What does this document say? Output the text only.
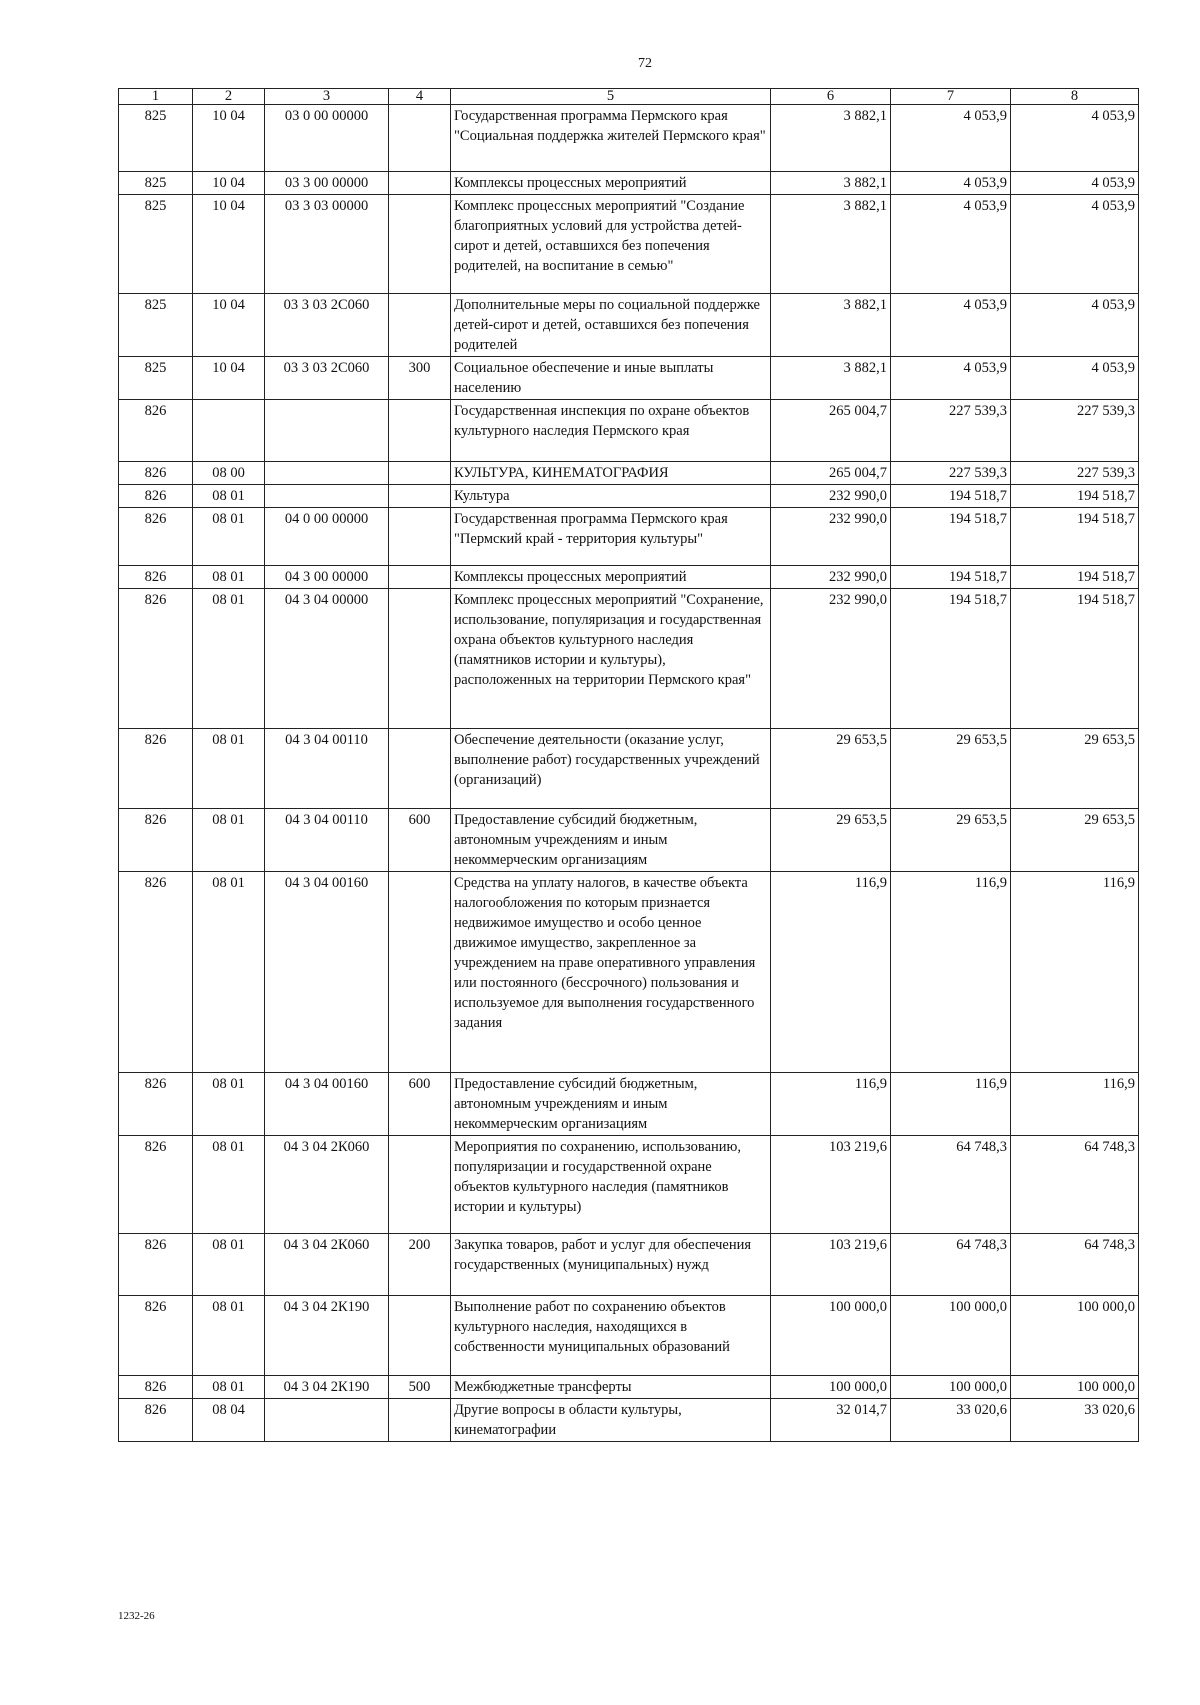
72
1	2	3	4	5	6	7	8
825	10 04	03 0 00 00000		Государственная программа Пермского края "Социальная поддержка жителей Пермского края"	3 882,1	4 053,9	4 053,9
825	10 04	03 3 00 00000		Комплексы процессных мероприятий	3 882,1	4 053,9	4 053,9
825	10 04	03 3 03 00000		Комплекс процессных мероприятий "Создание благоприятных условий для устройства детей-сирот и детей, оставшихся без попечения родителей, на воспитание в семью"	3 882,1	4 053,9	4 053,9
825	10 04	03 3 03 2С060		Дополнительные меры по социальной поддержке детей-сирот и детей, оставшихся без попечения родителей	3 882,1	4 053,9	4 053,9
825	10 04	03 3 03 2С060	300	Социальное обеспечение и иные выплаты населению	3 882,1	4 053,9	4 053,9
826				Государственная инспекция по охране объектов культурного наследия Пермского края	265 004,7	227 539,3	227 539,3
826	08 00			КУЛЬТУРА, КИНЕМАТОГРАФИЯ	265 004,7	227 539,3	227 539,3
826	08 01			Культура	232 990,0	194 518,7	194 518,7
826	08 01	04 0 00 00000		Государственная программа Пермского края "Пермский край - территория культуры"	232 990,0	194 518,7	194 518,7
826	08 01	04 3 00 00000		Комплексы процессных мероприятий	232 990,0	194 518,7	194 518,7
826	08 01	04 3 04 00000		Комплекс процессных мероприятий "Сохранение, использование, популяризация и государственная охрана объектов культурного наследия (памятников истории и культуры), расположенных на территории Пермского края"	232 990,0	194 518,7	194 518,7
826	08 01	04 3 04 00110		Обеспечение деятельности (оказание услуг, выполнение работ) государственных учреждений (организаций)	29 653,5	29 653,5	29 653,5
826	08 01	04 3 04 00110	600	Предоставление субсидий бюджетным, автономным учреждениям и иным некоммерческим организациям	29 653,5	29 653,5	29 653,5
826	08 01	04 3 04 00160		Средства на уплату налогов, в качестве объекта налогообложения по которым признается недвижимое имущество и особо ценное движимое имущество, закрепленное за учреждением на праве оперативного управления или постоянного (бессрочного) пользования и используемое для выполнения государственного задания	116,9	116,9	116,9
826	08 01	04 3 04 00160	600	Предоставление субсидий бюджетным, автономным учреждениям и иным некоммерческим организациям	116,9	116,9	116,9
826	08 01	04 3 04 2К060		Мероприятия по сохранению, использованию, популяризации и государственной охране объектов культурного наследия (памятников истории и культуры)	103 219,6	64 748,3	64 748,3
826	08 01	04 3 04 2К060	200	Закупка товаров, работ и услуг для обеспечения государственных (муниципальных) нужд	103 219,6	64 748,3	64 748,3
826	08 01	04 3 04 2К190		Выполнение работ по сохранению объектов культурного наследия, находящихся в собственности муниципальных образований	100 000,0	100 000,0	100 000,0
826	08 01	04 3 04 2К190	500	Межбюджетные трансферты	100 000,0	100 000,0	100 000,0
826	08 04			Другие вопросы в области культуры, кинематографии	32 014,7	33 020,6	33 020,6
1232-26
